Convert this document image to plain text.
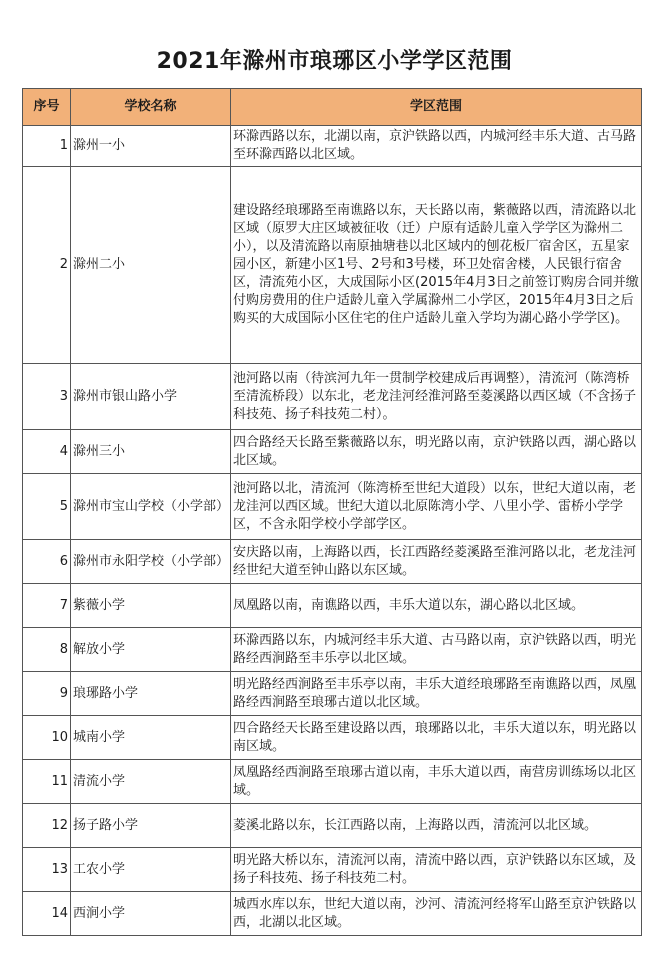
2021年滁州市琅琊区小学学区范围
序号	学校名称	学区范围
1	滁州一小	环滁西路以东，北湖以南，京沪铁路以西，内城河经丰乐大道、古马路至环滁西路以北区域。
2	滁州二小	建设路经琅琊路至南谯路以东，天长路以南，紫薇路以西，清流路以北区域（原罗大庄区域被征收（迁）户原有适龄儿童入学学区为滁州二小），以及清流路以南原抽塘巷以北区域内的刨花板厂宿舍区，五星家园小区，新建小区1号、2号和3号楼，环卫处宿舍楼，人民银行宿舍区，清流苑小区，大成国际小区(2015年4月3日之前签订购房合同并缴付购房费用的住户适龄儿童入学属滁州二小学区，2015年4月3日之后购买的大成国际小区住宅的住户适龄儿童入学均为湖心路小学学区)。
3	滁州市银山路小学	池河路以南（待滨河九年一贯制学校建成后再调整），清流河（陈湾桥至清流桥段）以东北，老龙洼河经淮河路至菱溪路以西区域（不含扬子科技苑、扬子科技苑二村）。
4	滁州三小	四合路经天长路至紫薇路以东，明光路以南，京沪铁路以西，湖心路以北区域。
5	滁州市宝山学校（小学部）	池河路以北，清流河（陈湾桥至世纪大道段）以东，世纪大道以南，老龙洼河以西区域。世纪大道以北原陈湾小学、八里小学、雷桥小学学区，不含永阳学校小学部学区。
6	滁州市永阳学校（小学部）	安庆路以南，上海路以西，长江西路经菱溪路至淮河路以北，老龙洼河经世纪大道至钟山路以东区域。
7	紫薇小学	凤凰路以南，南谯路以西，丰乐大道以东，湖心路以北区域。
8	解放小学	环滁西路以东，内城河经丰乐大道、古马路以南，京沪铁路以西，明光路经西涧路至丰乐亭以北区域。
9	琅琊路小学	明光路经西涧路至丰乐亭以南，丰乐大道经琅琊路至南谯路以西，凤凰路经西涧路至琅琊古道以北区域。
10	城南小学	四合路经天长路至建设路以西，琅琊路以北，丰乐大道以东，明光路以南区域。
11	清流小学	凤凰路经西涧路至琅琊古道以南，丰乐大道以西，南营房训练场以北区域。
12	扬子路小学	菱溪北路以东，长江西路以南，上海路以西，清流河以北区域。
13	工农小学	明光路大桥以东，清流河以南，清流中路以西，京沪铁路以东区域，及扬子科技苑、扬子科技苑二村。
14	西涧小学	城西水库以东，世纪大道以南，沙河、清流河经将军山路至京沪铁路以西，北湖以北区域。
